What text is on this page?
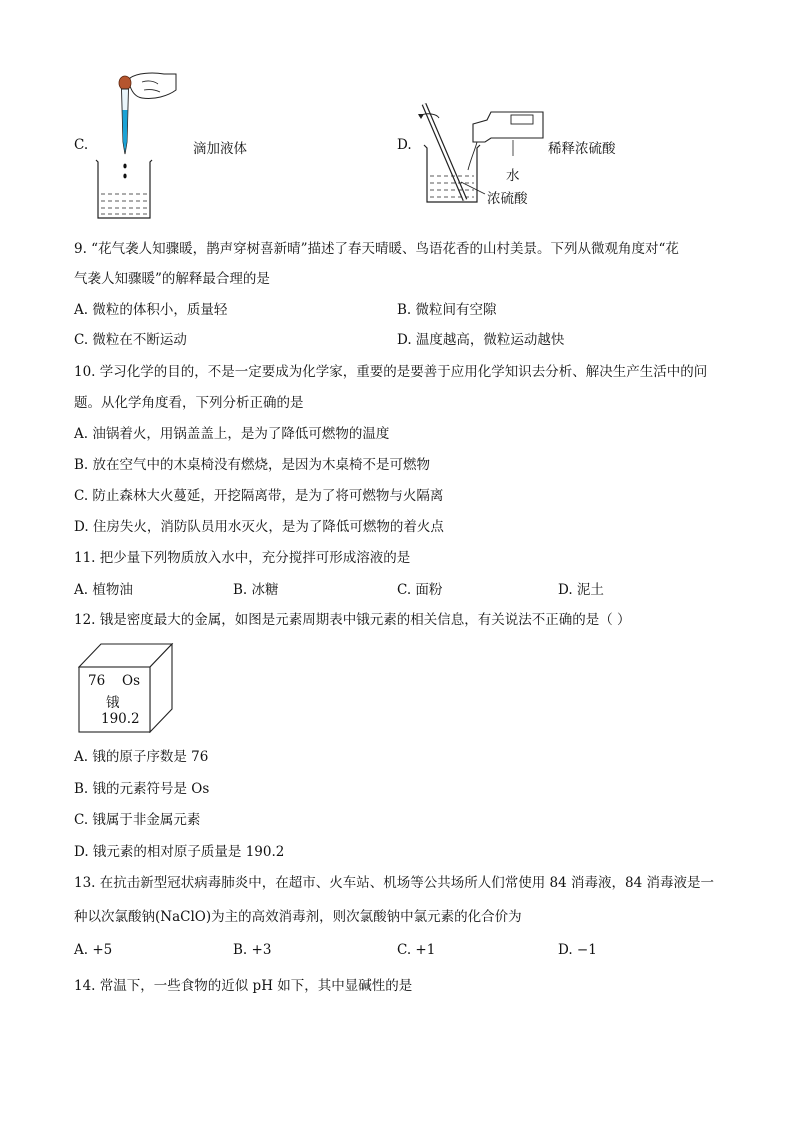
C.	滴加液体	D.	稀释浓硫酸
水
浓硫酸
9. “花气袭人知骤暖，鹊声穿树喜新晴”描述了春天晴暖、鸟语花香的山村美景。下列从微观角度对“花
气袭人知骤暖”的解释最合理的是
A. 微粒的体积小，质量轻	B. 微粒间有空隙
C. 微粒在不断运动	D. 温度越高，微粒运动越快
10. 学习化学的目的，不是一定要成为化学家，重要的是要善于应用化学知识去分析、解决生产生活中的问
题。从化学角度看，下列分析正确的是
A. 油锅着火，用锅盖盖上，是为了降低可燃物的温度
B. 放在空气中的木桌椅没有燃烧，是因为木桌椅不是可燃物
C. 防止森林大火蔓延，开挖隔离带，是为了将可燃物与火隔离
D. 住房失火，消防队员用水灭火，是为了降低可燃物的着火点
11. 把少量下列物质放入水中，充分搅拌可形成溶液的是
A. 植物油	B. 冰糖	C. 面粉	D. 泥土
12. 锇是密度最大的金属，如图是元素周期表中锇元素的相关信息，有关说法不正确的是（ ）
76 Os
锇
190.2
A. 锇的原子序数是 76
B. 锇的元素符号是 Os
C. 锇属于非金属元素
D. 锇元素的相对原子质量是 190.2
13. 在抗击新型冠状病毒肺炎中，在超市、火车站、机场等公共场所人们常使用 84 消毒液，84 消毒液是一
种以次氯酸钠(NaClO)为主的高效消毒剂，则次氯酸钠中氯元素的化合价为
A. +5	B. +3	C. +1	D. −1
14. 常温下，一些食物的近似 pH 如下，其中显碱性的是
